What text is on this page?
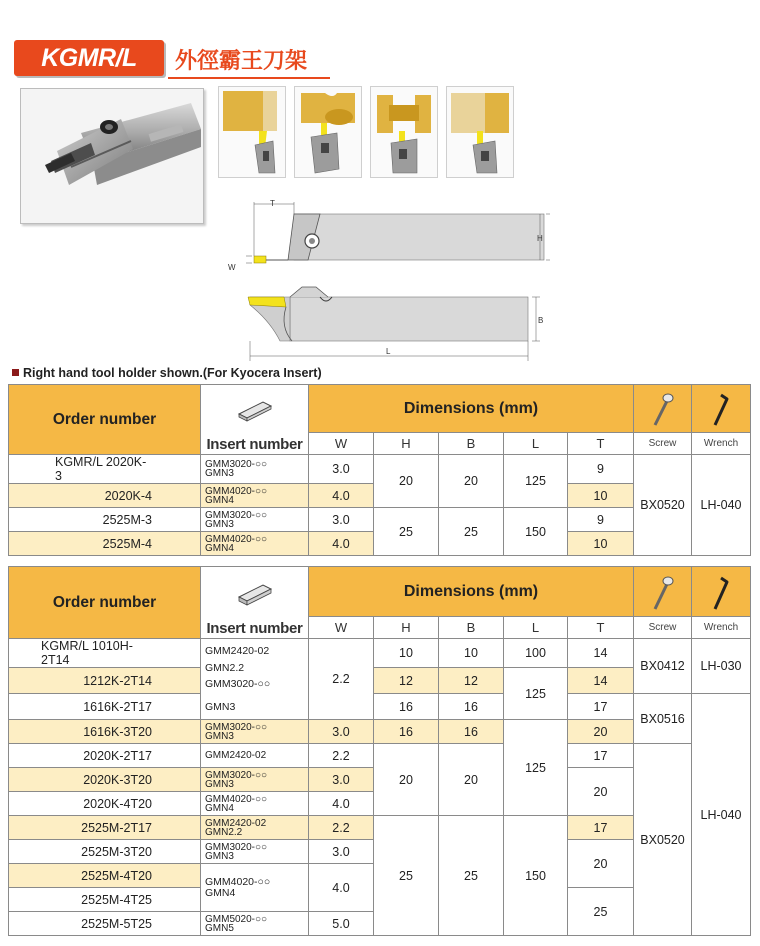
KGMR/L	外徑霸王刀架
T
H
W
B
L
Right hand tool holder shown.(For Kyocera Insert)
Order number		Dimensions (mm)	

	Insert number	W	H	B	L	T	Screw	Wrench
KGMR/L 2020K-3	GMM3020-○○
GMN3	3.0	20	20	125	9	BX0520	LH-040
2020K-4	GMM4020-○○
GMN4	4.0				10		
2525M-3	GMM3020-○○
GMN3	3.0	25	25	150	9		
2525M-4	GMM4020-○○
GMN4	4.0				10		
Order number		Dimensions (mm)	

	Insert number	W	H	B	L	T	Screw	Wrench
KGMR/L 1010H-2T14	GMM2420-02
GMN2.2
GMM3020-○○
GMN3	2.2	10	10	100	14	BX0412	LH-030
1212K-2T14			12	12	125	14		
1616K-2T17			16	16		17	BX0516	LH-040
1616K-3T20	GMM3020-○○
GMN3	3.0	16	16	125	20		
2020K-2T17	GMM2420-02	2.2	20	20		17	BX0520	
2020K-3T20	GMM3020-○○
GMN3	3.0				20		
2020K-4T20	GMM4020-○○
GMN4	4.0						
2525M-2T17	GMM2420-02
GMN2.2	2.2	25	25	150	17		
2525M-3T20	GMM3020-○○
GMN3	3.0				20		
2525M-4T20	GMM4020-○○
GMN4	4.0						
2525M-4T25						25		
2525M-5T25	GMM5020-○○
GMN5	5.0						
